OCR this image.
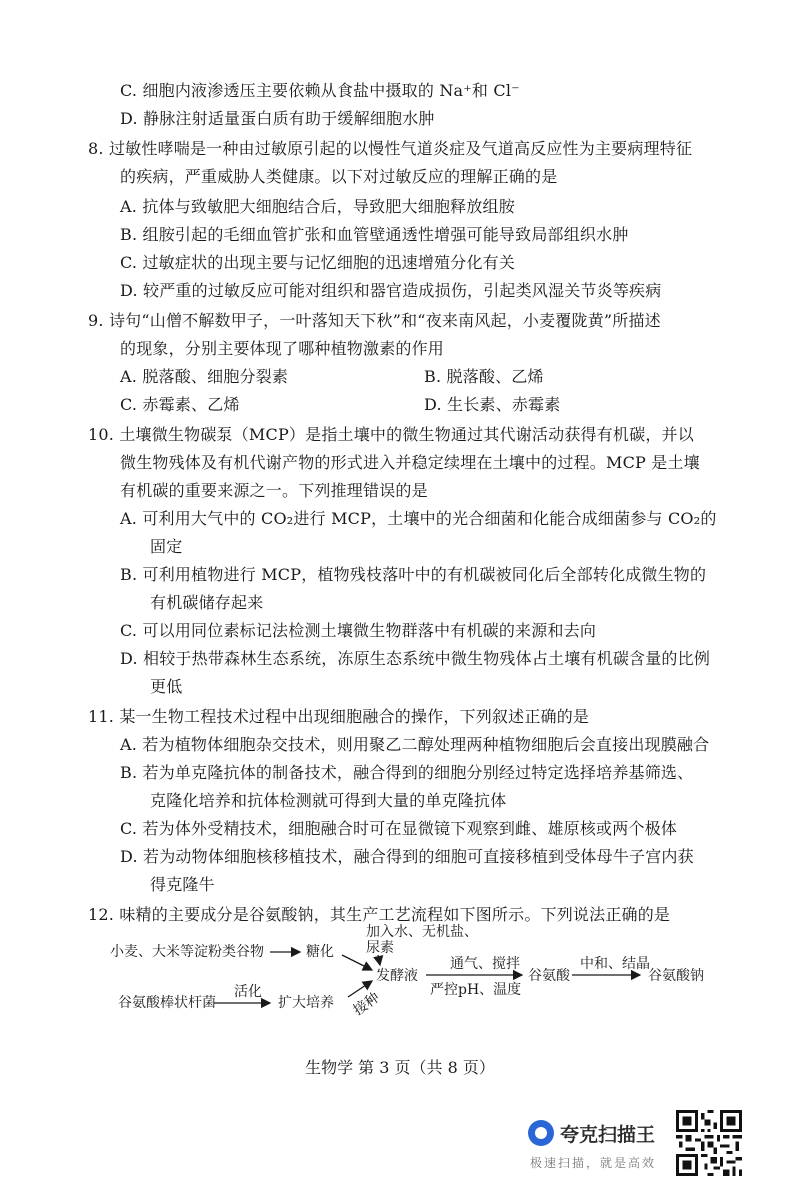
C. 细胞内液渗透压主要依赖从食盐中摄取的 Na⁺和 Cl⁻
D. 静脉注射适量蛋白质有助于缓解细胞水肿
8. 过敏性哮喘是一种由过敏原引起的以慢性气道炎症及气道高反应性为主要病理特征
的疾病，严重威胁人类健康。以下对过敏反应的理解正确的是
A. 抗体与致敏肥大细胞结合后，导致肥大细胞释放组胺
B. 组胺引起的毛细血管扩张和血管壁通透性增强可能导致局部组织水肿
C. 过敏症状的出现主要与记忆细胞的迅速增殖分化有关
D. 较严重的过敏反应可能对组织和器官造成损伤，引起类风湿关节炎等疾病
9. 诗句“山僧不解数甲子，一叶落知天下秋”和“夜来南风起，小麦覆陇黄”所描述
的现象，分别主要体现了哪种植物激素的作用
A. 脱落酸、细胞分裂素	B. 脱落酸、乙烯
C. 赤霉素、乙烯	D. 生长素、赤霉素
10. 土壤微生物碳泵（MCP）是指土壤中的微生物通过其代谢活动获得有机碳，并以
微生物残体及有机代谢产物的形式进入并稳定续埋在土壤中的过程。MCP 是土壤
有机碳的重要来源之一。下列推理错误的是
A. 可利用大气中的 CO₂进行 MCP，土壤中的光合细菌和化能合成细菌参与 CO₂的
固定
B. 可利用植物进行 MCP，植物残枝落叶中的有机碳被同化后全部转化成微生物的
有机碳储存起来
C. 可以用同位素标记法检测土壤微生物群落中有机碳的来源和去向
D. 相较于热带森林生态系统，冻原生态系统中微生物残体占土壤有机碳含量的比例
更低
11. 某一生物工程技术过程中出现细胞融合的操作，下列叙述正确的是
A. 若为植物体细胞杂交技术，则用聚乙二醇处理两种植物细胞后会直接出现膜融合
B. 若为单克隆抗体的制备技术，融合得到的细胞分别经过特定选择培养基筛选、
克隆化培养和抗体检测就可得到大量的单克隆抗体
C. 若为体外受精技术，细胞融合时可在显微镜下观察到雌、雄原核或两个极体
D. 若为动物体细胞核移植技术，融合得到的细胞可直接移植到受体母牛子宫内获
得克隆牛
12. 味精的主要成分是谷氨酸钠，其生产工艺流程如下图所示。下列说法正确的是
小麦、大米等淀粉类谷物	糖化
加入水、无机盐、
尿素
发酵液
通气、搅拌
严控pH、温度
谷氨酸
中和、结晶
谷氨酸钠
谷氨酸棒状杆菌
活化
扩大培养 接种
生物学 第 3 页（共 8 页）
夸克扫描王
极速扫描，就是高效
